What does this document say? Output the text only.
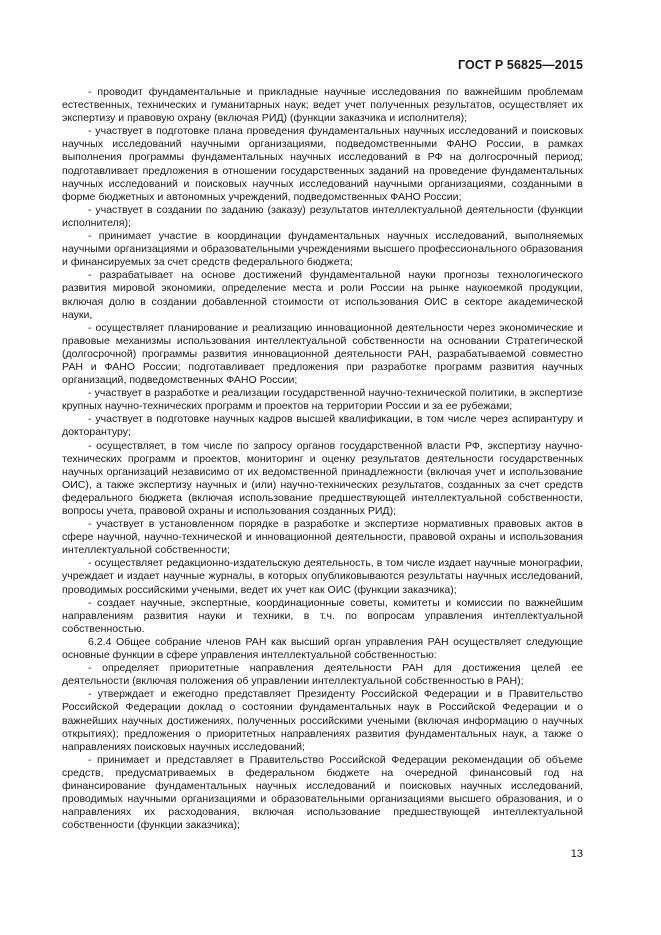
ГОСТ Р 56825—2015

- проводит фундаментальные и прикладные научные исследования по важнейшим проблемам естественных, технических и гуманитарных наук; ведет учет полученных результатов, осуществляет их экспертизу и правовую охрану (включая РИД) (функции заказчика и исполнителя);

- участвует в подготовке плана проведения фундаментальных научных исследований и поисковых научных исследований научными организациями, подведомственными ФАНО России, в рамках выполнения программы фундаментальных научных исследований в РФ на долгосрочный период; подготавливает предложения в отношении государственных заданий на проведение фундаментальных научных исследований и поисковых научных исследований научными организациями, созданными в форме бюджетных и автономных учреждений, подведомственных ФАНО России;

- участвует в создании по заданию (заказу) результатов интеллектуальной деятельности (функции исполнителя);

- принимает участие в координации фундаментальных научных исследований, выполняемых научными организациями и образовательными учреждениями высшего профессионального образования и финансируемых за счет средств федерального бюджета;

- разрабатывает на основе достижений фундаментальной науки прогнозы технологического развития мировой экономики, определение места и роли России на рынке наукоемкой продукции, включая долю в создании добавленной стоимости от использования ОИС в секторе академической науки,

- осуществляет планирование и реализацию инновационной деятельности через экономические и правовые механизмы использования интеллектуальной собственности на основании Стратегической (долгосрочной) программы развития инновационной деятельности РАН, разрабатываемой совместно РАН и ФАНО России; подготавливает предложения при разработке программ развития научных организаций, подведомственных ФАНО России;

- участвует в разработке и реализации государственной научно-технической политики, в экспертизе крупных научно-технических программ и проектов на территории России и за ее рубежами;

- участвует в подготовке научных кадров высшей квалификации, в том числе через аспирантуру и докторантуру;

- осуществляет, в том числе по запросу органов государственной власти РФ, экспертизу научно-технических программ и проектов, мониторинг и оценку результатов деятельности государственных научных организаций независимо от их ведомственной принадлежности (включая учет и использование ОИС), а также экспертизу научных и (или) научно-технических результатов, созданных за счет средств федерального бюджета (включая использование предшествующей интеллектуальной собственности, вопросы учета, правовой охраны и использования созданных РИД);

- участвует в установленном порядке в разработке и экспертизе нормативных правовых актов в сфере научной, научно-технической и инновационной деятельности, правовой охраны и использования интеллектуальной собственности;

- осуществляет редакционно-издательскую деятельность, в том числе издает научные монографии, учреждает и издает научные журналы, в которых опубликовываются результаты научных исследований, проводимых российскими учеными, ведет их учет как ОИС (функции заказчика);

- создает научные, экспертные, координационные советы, комитеты и комиссии по важнейшим направлениям развития науки и техники, в т.ч. по вопросам управления интеллектуальной собственностью.

6.2.4 Общее собрание членов РАН как высший орган управления РАН осуществляет следующие основные функции в сфере управления интеллектуальной собственностью:

- определяет приоритетные направления деятельности РАН для достижения целей ее деятельности (включая положения об управлении интеллектуальной собственностью в РАН);

- утверждает и ежегодно представляет Президенту Российской Федерации и в Правительство Российской Федерации доклад о состоянии фундаментальных наук в Российской Федерации и о важнейших научных достижениях, полученных российскими учеными (включая информацию о научных открытиях); предложения о приоритетных направлениях развития фундаментальных наук, а также о направлениях поисковых научных исследований;

- принимает и представляет в Правительство Российской Федерации рекомендации об объеме средств, предусматриваемых в федеральном бюджете на очередной финансовый год на финансирование фундаментальных научных исследований и поисковых научных исследований, проводимых научными организациями и образовательными организациями высшего образования, и о направлениях их расходования, включая использование предшествующей интеллектуальной собственности (функции заказчика);

13
